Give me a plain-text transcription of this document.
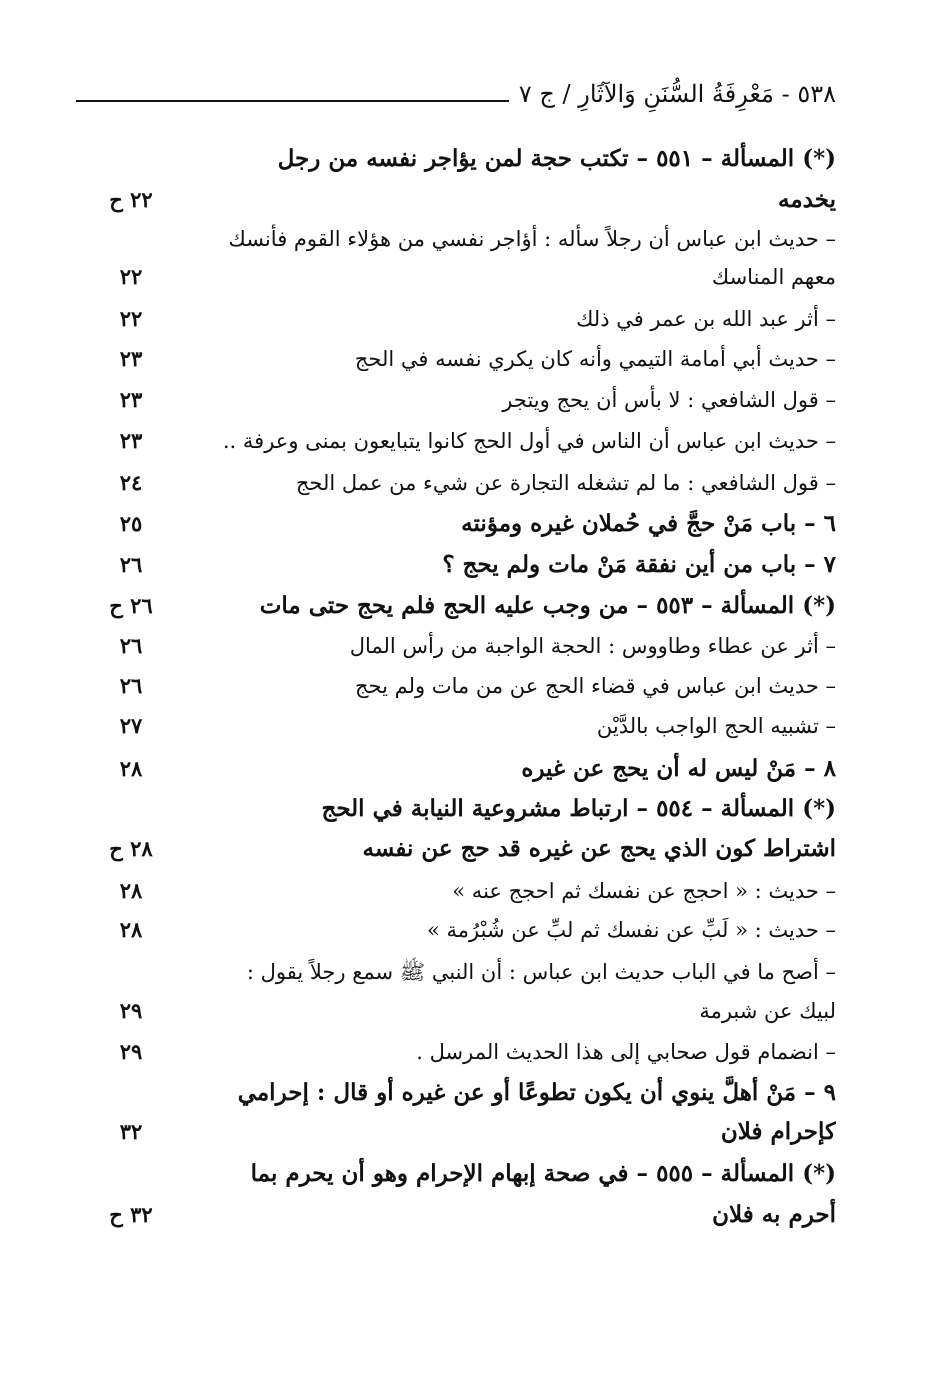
٥٣٨ - مَعْرِفَةُ السُّنَنِ وَالآثَارِ / ج ٧
(*) المسألة – ٥٥١ – تكتب حجة لمن يؤاجر نفسه من رجل
يخدمه
٢٢ ح
– حديث ابن عباس أن رجلاً سأله : أؤاجر نفسي من هؤلاء القوم فأنسك
معهم المناسك
٢٢
– أثر عبد الله بن عمر في ذلك
٢٢
– حديث أبي أمامة التيمي وأنه كان يكري نفسه في الحج
٢٣
– قول الشافعي : لا بأس أن يحج ويتجر
٢٣
– حديث ابن عباس أن الناس في أول الحج كانوا يتبايعون بمنى وعرفة ..
٢٣
– قول الشافعي : ما لم تشغله التجارة عن شيء من عمل الحج
٢٤
٦ – باب مَنْ حجَّ في حُملان غيره ومؤنته
٢٥
٧ – باب من أين نفقة مَنْ مات ولم يحج ؟
٢٦
(*) المسألة – ٥٥٣ – من وجب عليه الحج فلم يحج حتى مات
٢٦ ح
– أثر عن عطاء وطاووس : الحجة الواجبة من رأس المال
٢٦
– حديث ابن عباس في قضاء الحج عن من مات ولم يحج
٢٦
– تشبيه الحج الواجب بالدَّيْن
٢٧
٨ – مَنْ ليس له أن يحج عن غيره
٢٨
(*) المسألة – ٥٥٤ – ارتباط مشروعية النيابة في الحج
اشتراط كون الذي يحج عن غيره قد حج عن نفسه
٢٨ ح
– حديث : « احجج عن نفسك ثم احجج عنه »
٢٨
– حديث : « لَبِّ عن نفسك ثم لبِّ عن شُبْرُمة »
٢٨
– أصح ما في الباب حديث ابن عباس : أن النبي ﷺ سمع رجلاً يقول :
لبيك عن شبرمة
٢٩
– انضمام قول صحابي إلى هذا الحديث المرسل .
٢٩
٩ – مَنْ أهلَّ ينوي أن يكون تطوعًا أو عن غيره أو قال : إحرامي
كإحرام فلان
٣٢
(*) المسألة – ٥٥٥ – في صحة إبهام الإحرام وهو أن يحرم بما
أحرم به فلان
٣٢ ح
